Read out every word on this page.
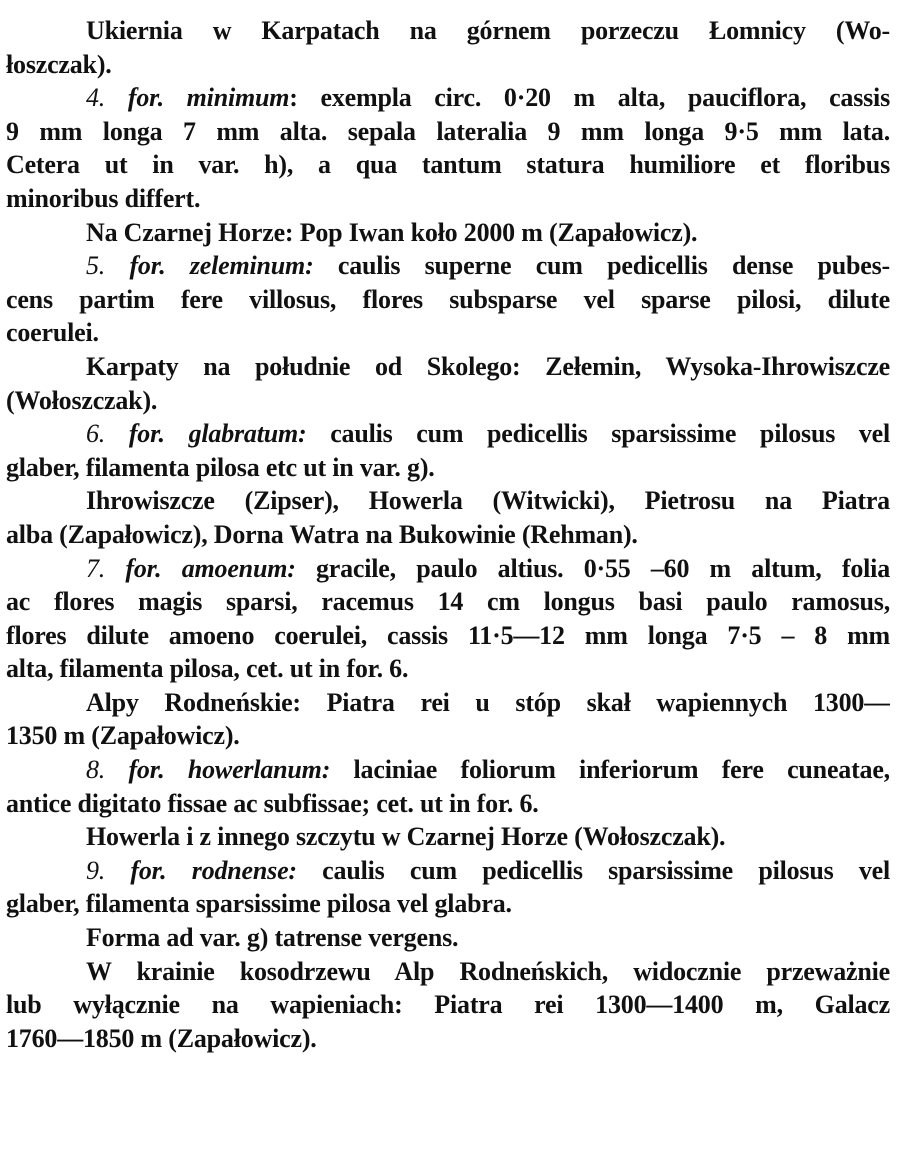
Ukiernia w Karpatach na górnem porzeczu Łomnicy (Wo-
łoszczak).
4. for. minimum: exempla circ. 0·20 m alta, pauciflora, cassis
9 mm longa 7 mm alta. sepala lateralia 9 mm longa 9·5 mm lata.
Cetera ut in var. h), a qua tantum statura humiliore et floribus
minoribus differt.
Na Czarnej Horze: Pop Iwan koło 2000 m (Zapałowicz).
5. for. zeleminum: caulis superne cum pedicellis dense pubes-
cens partim fere villosus, flores subsparse vel sparse pilosi, dilute
coerulei.
Karpaty na południe od Skolego: Zełemin, Wysoka-Ihrowiszcze
(Wołoszczak).
6. for. glabratum: caulis cum pedicellis sparsissime pilosus vel
glaber, filamenta pilosa etc ut in var. g).
Ihrowiszcze (Zipser), Howerla (Witwicki), Pietrosu na Piatra
alba (Zapałowicz), Dorna Watra na Bukowinie (Rehman).
7. for. amoenum: gracile, paulo altius. 0·55 –60 m altum, folia
ac flores magis sparsi, racemus 14 cm longus basi paulo ramosus,
flores dilute amoeno coerulei, cassis 11·5—12 mm longa 7·5 – 8 mm
alta, filamenta pilosa, cet. ut in for. 6.
Alpy Rodneńskie: Piatra rei u stóp skał wapiennych 1300—
1350 m (Zapałowicz).
8. for. howerlanum: laciniae foliorum inferiorum fere cuneatae,
antice digitato fissae ac subfissae; cet. ut in for. 6.
Howerla i z innego szczytu w Czarnej Horze (Wołoszczak).
9. for. rodnense: caulis cum pedicellis sparsissime pilosus vel
glaber, filamenta sparsissime pilosa vel glabra.
Forma ad var. g) tatrense vergens.
W krainie kosodrzewu Alp Rodneńskich, widocznie przeważnie
lub wyłącznie na wapieniach: Piatra rei 1300—1400 m, Galacz
1760—1850 m (Zapałowicz).
